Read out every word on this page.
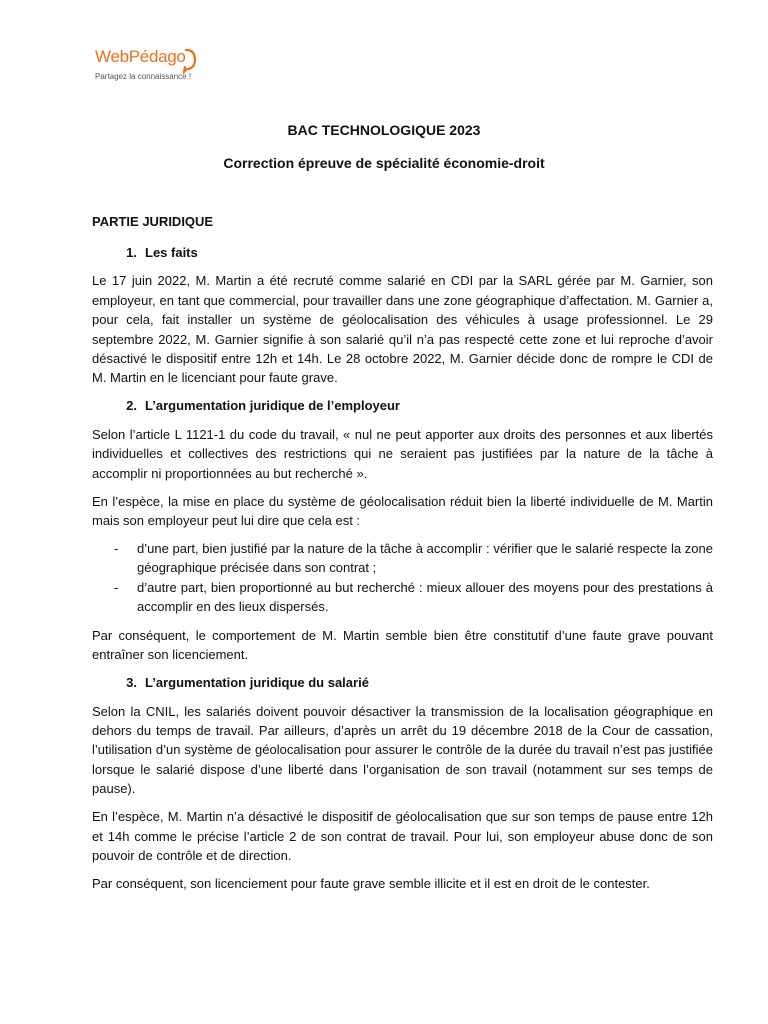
WebPédago
Partagez la connaissance !
BAC TECHNOLOGIQUE 2023
Correction épreuve de spécialité économie-droit
PARTIE JURIDIQUE
1. Les faits

Le 17 juin 2022, M. Martin a été recruté comme salarié en CDI par la SARL gérée par M. Garnier, son employeur, en tant que commercial, pour travailler dans une zone géographique d’affectation. M. Garnier a, pour cela, fait installer un système de géolocalisation des véhicules à usage professionnel. Le 29 septembre 2022, M. Garnier signifie à son salarié qu’il n’a pas respecté cette zone et lui reproche d’avoir désactivé le dispositif entre 12h et 14h. Le 28 octobre 2022, M. Garnier décide donc de rompre le CDI de M. Martin en le licenciant pour faute grave.

2. L’argumentation juridique de l’employeur

Selon l’article L 1121-1 du code du travail, « nul ne peut apporter aux droits des personnes et aux libertés individuelles et collectives des restrictions qui ne seraient pas justifiées par la nature de la tâche à accomplir ni proportionnées au but recherché ».

En l’espèce, la mise en place du système de géolocalisation réduit bien la liberté individuelle de M. Martin mais son employeur peut lui dire que cela est :

- d’une part, bien justifié par la nature de la tâche à accomplir : vérifier que le salarié respecte la zone géographique précisée dans son contrat ;
- d’autre part, bien proportionné au but recherché : mieux allouer des moyens pour des prestations à accomplir en des lieux dispersés.

Par conséquent, le comportement de M. Martin semble bien être constitutif d’une faute grave pouvant entraîner son licenciement.

3. L’argumentation juridique du salarié

Selon la CNIL, les salariés doivent pouvoir désactiver la transmission de la localisation géographique en dehors du temps de travail. Par ailleurs, d’après un arrêt du 19 décembre 2018 de la Cour de cassation, l’utilisation d’un système de géolocalisation pour assurer le contrôle de la durée du travail n’est pas justifiée lorsque le salarié dispose d’une liberté dans l’organisation de son travail (notamment sur ses temps de pause).

En l’espèce, M. Martin n’a désactivé le dispositif de géolocalisation que sur son temps de pause entre 12h et 14h comme le précise l’article 2 de son contrat de travail. Pour lui, son employeur abuse donc de son pouvoir de contrôle et de direction.

Par conséquent, son licenciement pour faute grave semble illicite et il est en droit de le contester.
